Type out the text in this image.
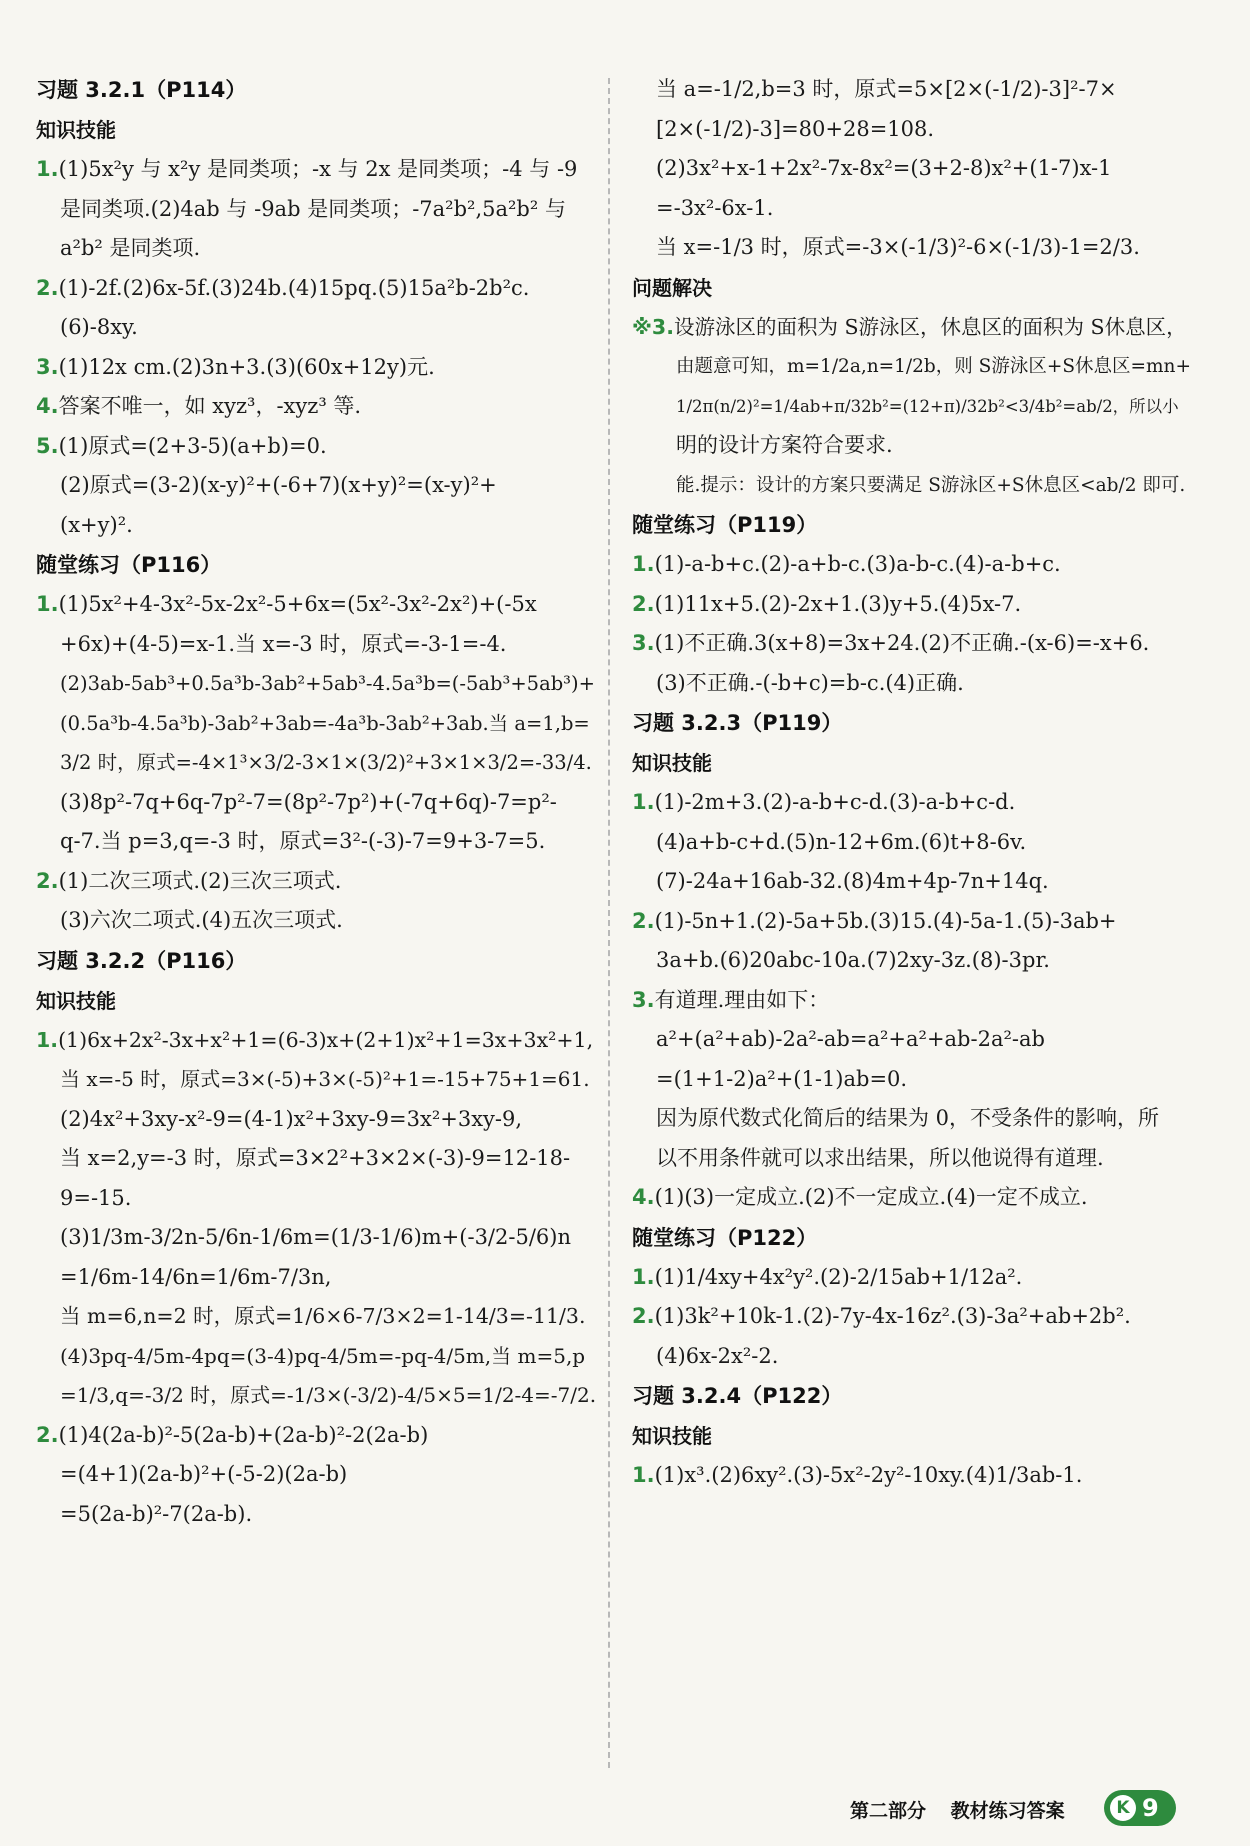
习题 3.2.1（P114）
知识技能
1.(1)5x²y 与 x²y 是同类项；-x 与 2x 是同类项；-4 与 -9
是同类项.(2)4ab 与 -9ab 是同类项；-7a²b²,5a²b² 与
a²b² 是同类项.
2.(1)-2f.(2)6x-5f.(3)24b.(4)15pq.(5)15a²b-2b²c.
(6)-8xy.
3.(1)12x cm.(2)3n+3.(3)(60x+12y)元.
4.答案不唯一，如 xyz³，-xyz³ 等.
5.(1)原式=(2+3-5)(a+b)=0.
(2)原式=(3-2)(x-y)²+(-6+7)(x+y)²=(x-y)²+
(x+y)².
随堂练习（P116）
1.(1)5x²+4-3x²-5x-2x²-5+6x=(5x²-3x²-2x²)+(-5x
+6x)+(4-5)=x-1.当 x=-3 时，原式=-3-1=-4.
(2)3ab-5ab³+0.5a³b-3ab²+5ab³-4.5a³b=(-5ab³+5ab³)+
(0.5a³b-4.5a³b)-3ab²+3ab=-4a³b-3ab²+3ab.当 a=1,b=
3/2 时，原式=-4×1³×3/2-3×1×(3/2)²+3×1×3/2=-33/4.
(3)8p²-7q+6q-7p²-7=(8p²-7p²)+(-7q+6q)-7=p²-
q-7.当 p=3,q=-3 时，原式=3²-(-3)-7=9+3-7=5.
2.(1)二次三项式.(2)三次三项式.
(3)六次二项式.(4)五次三项式.
习题 3.2.2（P116）
知识技能
1.(1)6x+2x²-3x+x²+1=(6-3)x+(2+1)x²+1=3x+3x²+1,
当 x=-5 时，原式=3×(-5)+3×(-5)²+1=-15+75+1=61.
(2)4x²+3xy-x²-9=(4-1)x²+3xy-9=3x²+3xy-9,
当 x=2,y=-3 时，原式=3×2²+3×2×(-3)-9=12-18-
9=-15.
(3)1/3m-3/2n-5/6n-1/6m=(1/3-1/6)m+(-3/2-5/6)n
=1/6m-14/6n=1/6m-7/3n,
当 m=6,n=2 时，原式=1/6×6-7/3×2=1-14/3=-11/3.
(4)3pq-4/5m-4pq=(3-4)pq-4/5m=-pq-4/5m,当 m=5,p
=1/3,q=-3/2 时，原式=-1/3×(-3/2)-4/5×5=1/2-4=-7/2.
2.(1)4(2a-b)²-5(2a-b)+(2a-b)²-2(2a-b)
=(4+1)(2a-b)²+(-5-2)(2a-b)
=5(2a-b)²-7(2a-b).
当 a=-1/2,b=3 时，原式=5×[2×(-1/2)-3]²-7×
[2×(-1/2)-3]=80+28=108.
(2)3x²+x-1+2x²-7x-8x²=(3+2-8)x²+(1-7)x-1
=-3x²-6x-1.
当 x=-1/3 时，原式=-3×(-1/3)²-6×(-1/3)-1=2/3.
问题解决
※3.设游泳区的面积为 S游泳区，休息区的面积为 S休息区，
由题意可知，m=1/2a,n=1/2b，则 S游泳区+S休息区=mn+
1/2π(n/2)²=1/4ab+π/32b²=(12+π)/32b²<3/4b²=ab/2，所以小
明的设计方案符合要求.
能.提示：设计的方案只要满足 S游泳区+S休息区<ab/2 即可.
随堂练习（P119）
1.(1)-a-b+c.(2)-a+b-c.(3)a-b-c.(4)-a-b+c.
2.(1)11x+5.(2)-2x+1.(3)y+5.(4)5x-7.
3.(1)不正确.3(x+8)=3x+24.(2)不正确.-(x-6)=-x+6.
(3)不正确.-(-b+c)=b-c.(4)正确.
习题 3.2.3（P119）
知识技能
1.(1)-2m+3.(2)-a-b+c-d.(3)-a-b+c-d.
(4)a+b-c+d.(5)n-12+6m.(6)t+8-6v.
(7)-24a+16ab-32.(8)4m+4p-7n+14q.
2.(1)-5n+1.(2)-5a+5b.(3)15.(4)-5a-1.(5)-3ab+
3a+b.(6)20abc-10a.(7)2xy-3z.(8)-3pr.
3.有道理.理由如下：
a²+(a²+ab)-2a²-ab=a²+a²+ab-2a²-ab
=(1+1-2)a²+(1-1)ab=0.
因为原代数式化简后的结果为 0，不受条件的影响，所
以不用条件就可以求出结果，所以他说得有道理.
4.(1)(3)一定成立.(2)不一定成立.(4)一定不成立.
随堂练习（P122）
1.(1)1/4xy+4x²y².(2)-2/15ab+1/12a².
2.(1)3k²+10k-1.(2)-7y-4x-16z².(3)-3a²+ab+2b².
(4)6x-2x²-2.
习题 3.2.4（P122）
知识技能
1.(1)x³.(2)6xy².(3)-5x²-2y²-10xy.(4)1/3ab-1.
第二部分 教材练习答案	K 9
